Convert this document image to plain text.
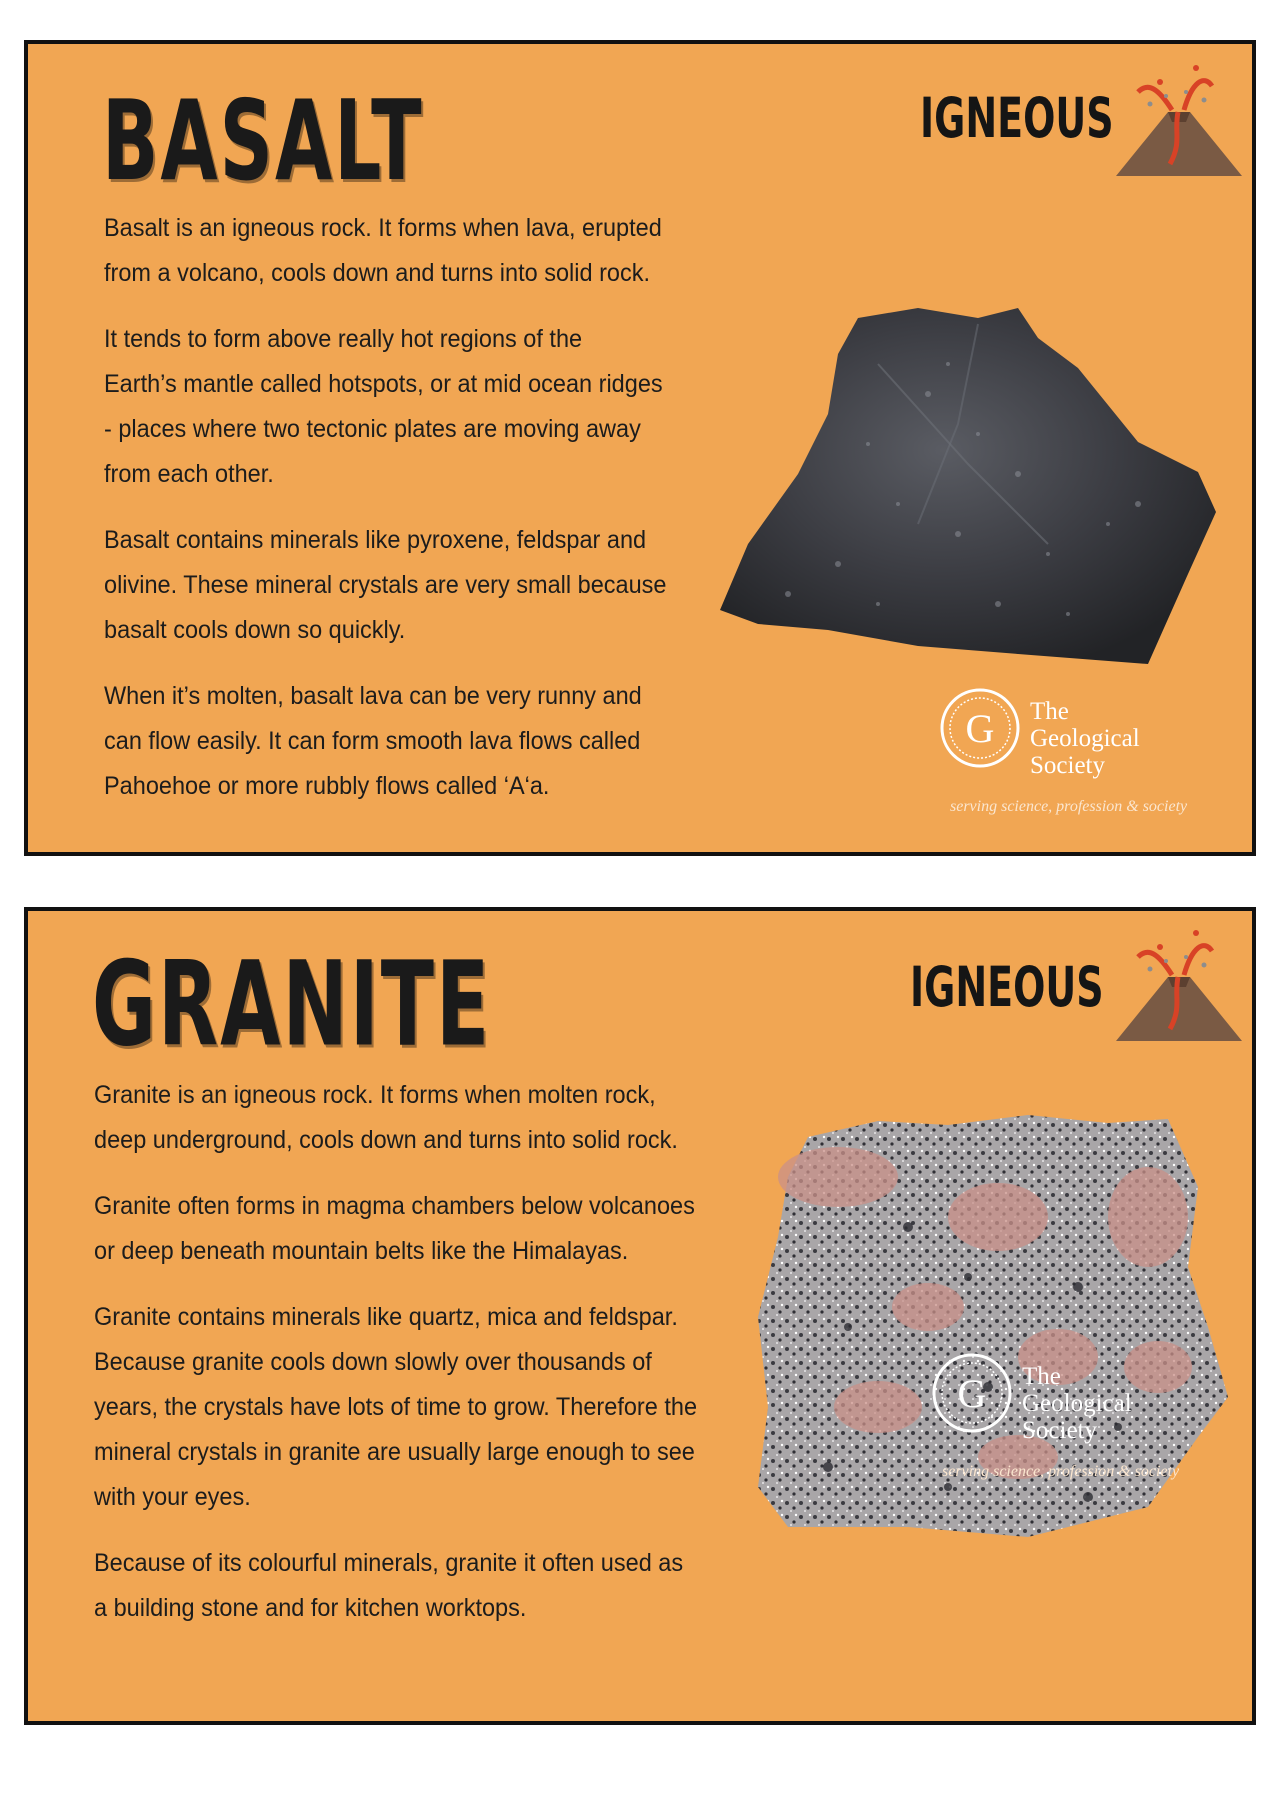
BASALT	IGNEOUS

Basalt is an igneous rock. It forms when lava, erupted
from a volcano, cools down and turns into solid rock.

It tends to form above really hot regions of the
Earth’s mantle called hotspots, or at mid ocean ridges
- places where two tectonic plates are moving away
from each other.

Basalt contains minerals like pyroxene, feldspar and
olivine. These mineral crystals are very small because
basalt cools down so quickly.

When it’s molten, basalt lava can be very runny and
can flow easily. It can form smooth lava flows called
Pahoehoe or more rubbly flows called ‘A‘a.

G The
Geological
Society
serving science, profession & society
GRANITE	IGNEOUS

Granite is an igneous rock. It forms when molten rock,
deep underground, cools down and turns into solid rock.

Granite often forms in magma chambers below volcanoes
or deep beneath mountain belts like the Himalayas.

Granite contains minerals like quartz, mica and feldspar.
Because granite cools down slowly over thousands of
years, the crystals have lots of time to grow. Therefore the
mineral crystals in granite are usually large enough to see
with your eyes.

Because of its colourful minerals, granite it often used as
a building stone and for kitchen worktops.

G The
Geological
Society
serving science, profession & society
